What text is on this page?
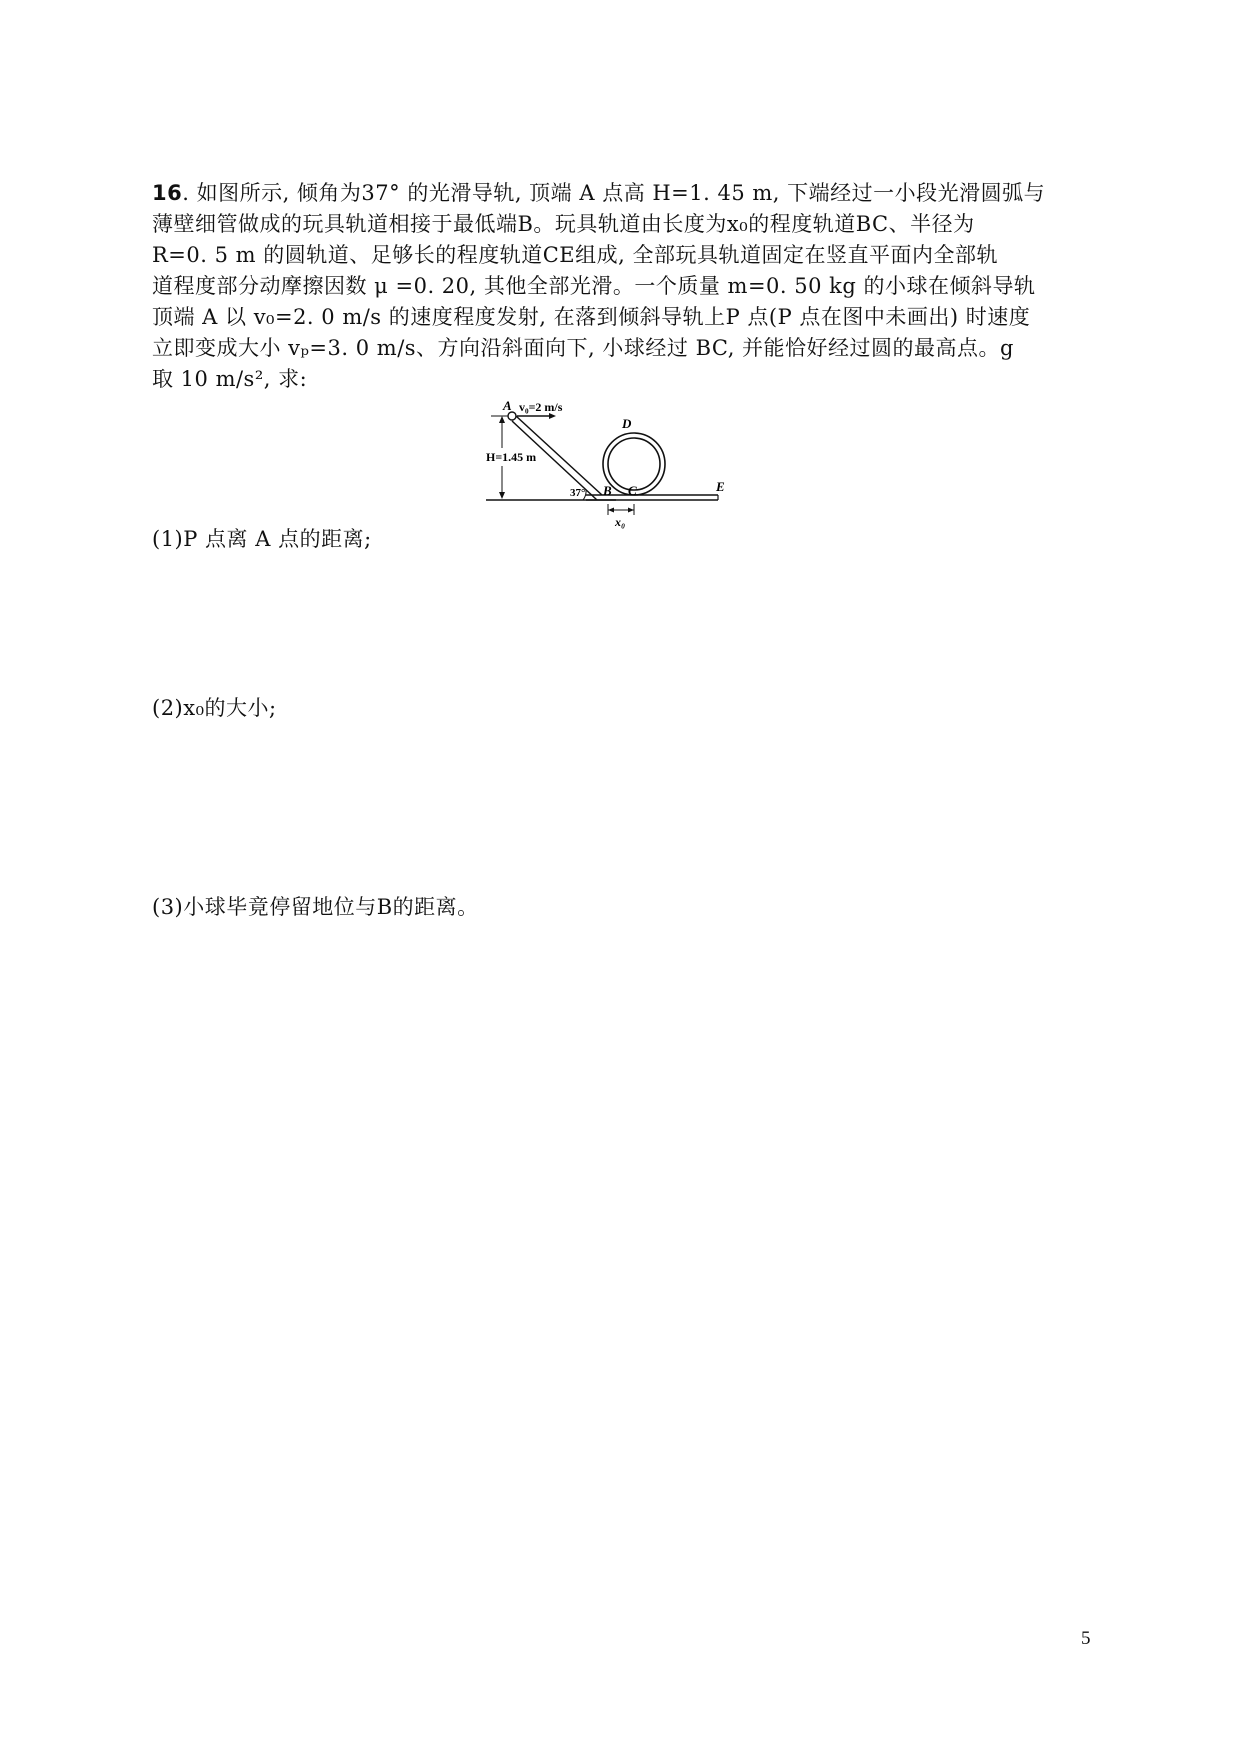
16. 如图所示, 倾角为37° 的光滑导轨, 顶端 A 点高 H=1. 45 m, 下端经过一小段光滑圆弧与
薄壁细管做成的玩具轨道相接于最低端B。玩具轨道由长度为x₀的程度轨道BC、半径为
R=0. 5 m 的圆轨道、足够长的程度轨道CE组成, 全部玩具轨道固定在竖直平面内全部轨
道程度部分动摩擦因数 μ =0. 20, 其他全部光滑。一个质量 m=0. 50 kg 的小球在倾斜导轨
顶端 A 以 v₀=2. 0 m/s 的速度程度发射, 在落到倾斜导轨上P 点(P 点在图中未画出) 时速度
立即变成大小 vₚ=3. 0 m/s、方向沿斜面向下, 小球经过 BC, 并能恰好经过圆的最高点。g
取 10 m/s², 求:
A v₀=2 m/s
H=1.45 m
37° B C
D
E
x₀
(1)P 点离 A 点的距离;
(2)x₀的大小;
(3)小球毕竟停留地位与B的距离。
5
